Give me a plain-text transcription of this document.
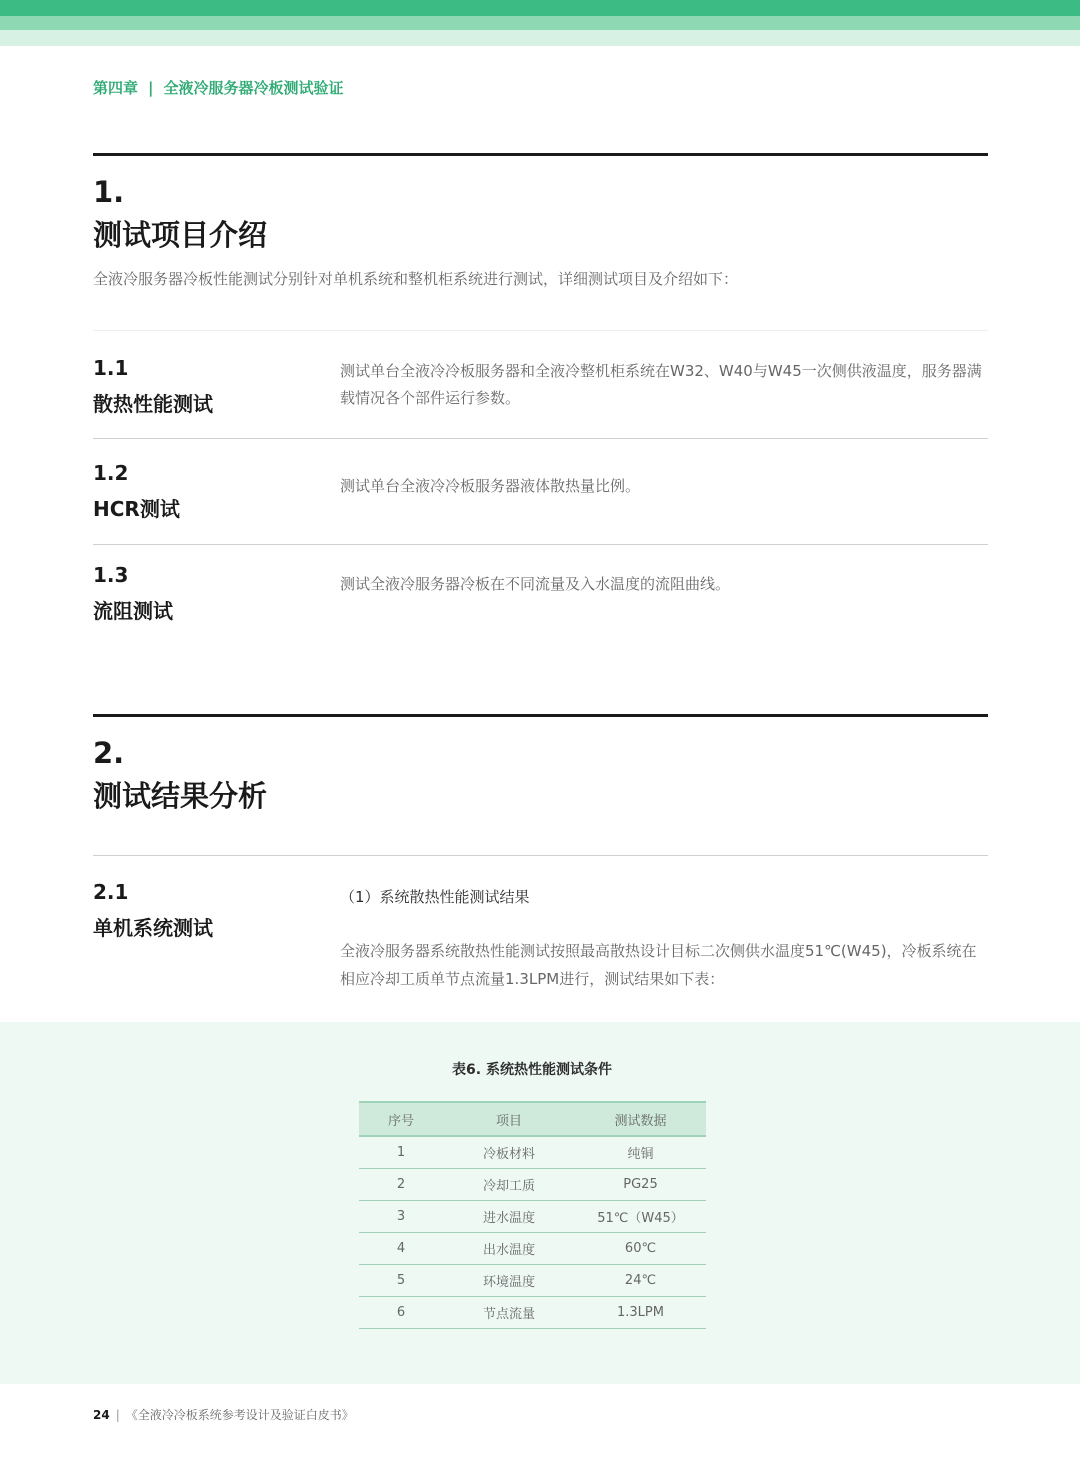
第四章 | 全液冷服务器冷板测试验证
1.
测试项目介绍
全液冷服务器冷板性能测试分别针对单机系统和整机柜系统进行测试，详细测试项目及介绍如下：
1.1
散热性能测试
测试单台全液冷冷板服务器和全液冷整机柜系统在W32、W40与W45一次侧供液温度，服务器满载情况各个部件运行参数。
1.2
HCR测试
测试单台全液冷冷板服务器液体散热量比例。
1.3
流阻测试
测试全液冷服务器冷板在不同流量及入水温度的流阻曲线。
2.
测试结果分析
2.1
单机系统测试
（1）系统散热性能测试结果
全液冷服务器系统散热性能测试按照最高散热设计目标二次侧供水温度51℃(W45)，冷板系统在相应冷却工质单节点流量1.3LPM进行，测试结果如下表：
表6. 系统热性能测试条件
序号	项目	测试数据
1	冷板材料	纯铜
2	冷却工质	PG25
3	进水温度	51℃（W45）
4	出水温度	60℃
5	环境温度	24℃
6	节点流量	1.3LPM
24 | 《全液冷冷板系统参考设计及验证白皮书》
